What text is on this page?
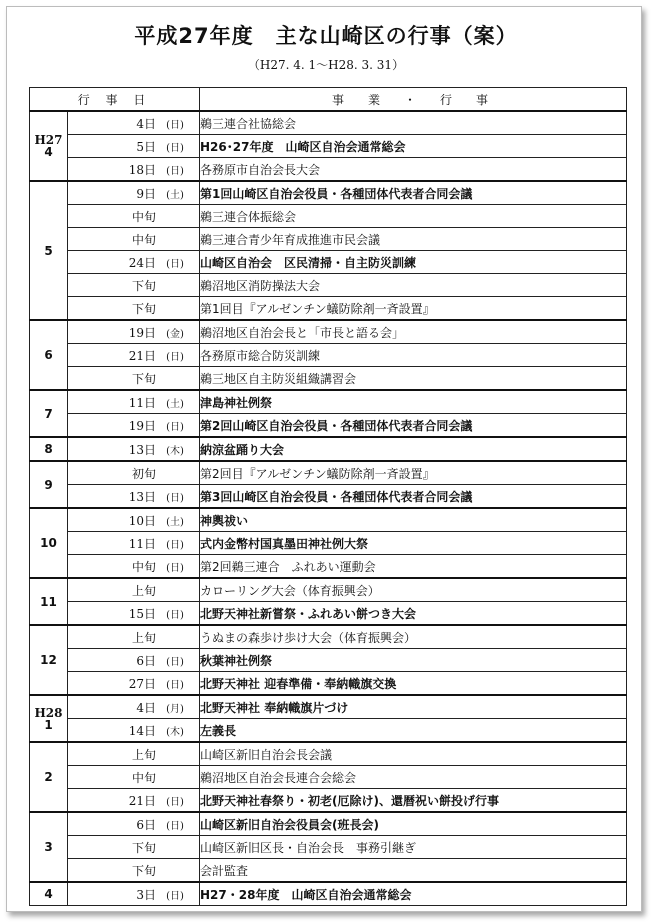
平成27年度　主な山崎区の行事（案）
（H27. 4. 1～H28. 3. 31）
行 事 日		事　業　・　行　事

H27
4	4日 (日)	鵜三連合社協総会
	5日 (日)	H26･27年度　山崎区自治会通常総会
	18日 (日)	各務原市自治会長大会
5	9日 (土)	第1回山崎区自治会役員・各種団体代表者合同会議
	中旬	鵜三連合体振総会
	中旬	鵜三連合青少年育成推進市民会議
	24日 (日)	山崎区自治会　区民清掃・自主防災訓練
	下旬	鵜沼地区消防操法大会
	下旬	第1回目『アルゼンチン蟻防除剤一斉設置』
6	19日 (金)	鵜沼地区自治会長と「市長と語る会」
	21日 (日)	各務原市総合防災訓練
	下旬	鵜三地区自主防災組織講習会
7	11日 (土)	津島神社例祭
	19日 (日)	第2回山崎区自治会役員・各種団体代表者合同会議
8	13日 (木)	納涼盆踊り大会
9	初旬	第2回目『アルゼンチン蟻防除剤一斉設置』
	13日 (日)	第3回山崎区自治会役員・各種団体代表者合同会議
10	10日 (土)	神輿祓い
	11日 (日)	式内金幣村国真墨田神社例大祭
	中旬 (日)	第2回鵜三連合　ふれあい運動会
11	上旬	カローリング大会（体育振興会）
	15日 (日)	北野天神社新嘗祭・ふれあい餅つき大会
12	上旬	うぬまの森歩け歩け大会（体育振興会）
	6日 (日)	秋葉神社例祭
	27日 (日)	北野天神社 迎春準備・奉納幟旗交換

H28
1	4日 (月)	北野天神社 奉納幟旗片づけ
	14日 (木)	左義長
2	上旬	山崎区新旧自治会長会議
	中旬	鵜沼地区自治会長連合会総会
	21日 (日)	北野天神社春祭り・初老(厄除け)、還暦祝い餅投げ行事
3	6日 (日)	山崎区新旧自治会役員会(班長会)
	下旬	山崎区新旧区長・自治会長　事務引継ぎ
	下旬	会計監査
4	3日 (日)	H27・28年度　山崎区自治会通常総会
